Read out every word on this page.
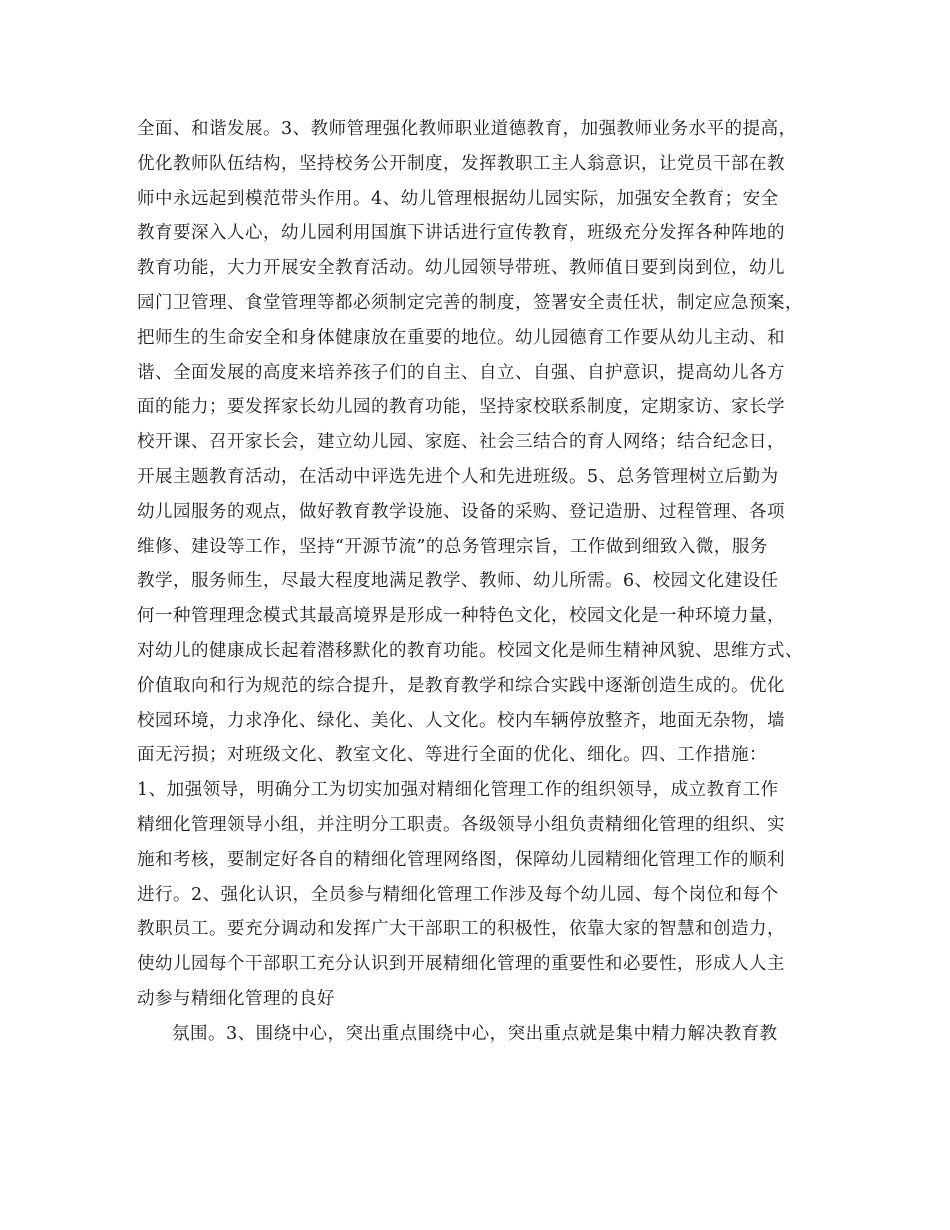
全面、和谐发展。3、教师管理强化教师职业道德教育，加强教师业务水平的提高，
优化教师队伍结构，坚持校务公开制度，发挥教职工主人翁意识，让党员干部在教
师中永远起到模范带头作用。4、幼儿管理根据幼儿园实际，加强安全教育；安全
教育要深入人心，幼儿园利用国旗下讲话进行宣传教育，班级充分发挥各种阵地的
教育功能，大力开展安全教育活动。幼儿园领导带班、教师值日要到岗到位，幼儿
园门卫管理、食堂管理等都必须制定完善的制度，签署安全责任状，制定应急预案，
把师生的生命安全和身体健康放在重要的地位。幼儿园德育工作要从幼儿主动、和
谐、全面发展的高度来培养孩子们的自主、自立、自强、自护意识，提高幼儿各方
面的能力；要发挥家长幼儿园的教育功能，坚持家校联系制度，定期家访、家长学
校开课、召开家长会，建立幼儿园、家庭、社会三结合的育人网络；结合纪念日，
开展主题教育活动，在活动中评选先进个人和先进班级。5、总务管理树立后勤为
幼儿园服务的观点，做好教育教学设施、设备的采购、登记造册、过程管理、各项
维修、建设等工作，坚持“开源节流”的总务管理宗旨，工作做到细致入微，服务
教学，服务师生，尽最大程度地满足教学、教师、幼儿所需。6、校园文化建设任
何一种管理理念模式其最高境界是形成一种特色文化，校园文化是一种环境力量，
对幼儿的健康成长起着潜移默化的教育功能。校园文化是师生精神风貌、思维方式、
价值取向和行为规范的综合提升，是教育教学和综合实践中逐渐创造生成的。优化
校园环境，力求净化、绿化、美化、人文化。校内车辆停放整齐，地面无杂物，墙
面无污损；对班级文化、教室文化、等进行全面的优化、细化。四、工作措施：
1、加强领导，明确分工为切实加强对精细化管理工作的组织领导，成立教育工作
精细化管理领导小组，并注明分工职责。各级领导小组负责精细化管理的组织、实
施和考核，要制定好各自的精细化管理网络图，保障幼儿园精细化管理工作的顺利
进行。2、强化认识，全员参与精细化管理工作涉及每个幼儿园、每个岗位和每个
教职员工。要充分调动和发挥广大干部职工的积极性，依靠大家的智慧和创造力，
使幼儿园每个干部职工充分认识到开展精细化管理的重要性和必要性，形成人人主
动参与精细化管理的良好
氛围。3、围绕中心，突出重点围绕中心，突出重点就是集中精力解决教育教
